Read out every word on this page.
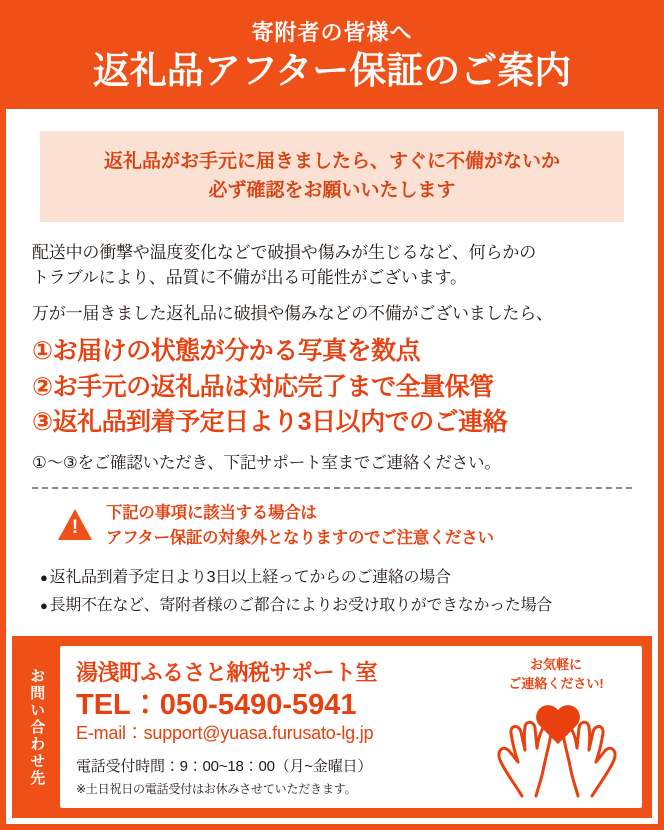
寄附者の皆様へ
返礼品アフター保証のご案内
返礼品がお手元に届きましたら、すぐに不備がないか
必ず確認をお願いいたします
配送中の衝撃や温度変化などで破損や傷みが生じるなど、何らかの
トラブルにより、品質に不備が出る可能性がございます。
万が一届きました返礼品に破損や傷みなどの不備がございましたら、
①お届けの状態が分かる写真を数点
②お手元の返礼品は対応完了まで全量保管
③返礼品到着予定日より3日以内でのご連絡
①〜③をご確認いただき、下記サポート室までご連絡ください。
!
下記の事項に該当する場合は
アフター保証の対象外となりますのでご注意ください
● 返礼品到着予定日より3日以上経ってからのご連絡の場合
● 長期不在など、寄附者様のご都合によりお受け取りができなかった場合
お問い合わせ先 湯浅町ふるさと納税サポート室
TEL：050-5490-5941
E-mail：support@yuasa.furusato-lg.jp
電話受付時間：9：00~18：00（月~金曜日）
※土日祝日の電話受付はお休みさせていただきます。
お気軽に
ご連絡ください!
